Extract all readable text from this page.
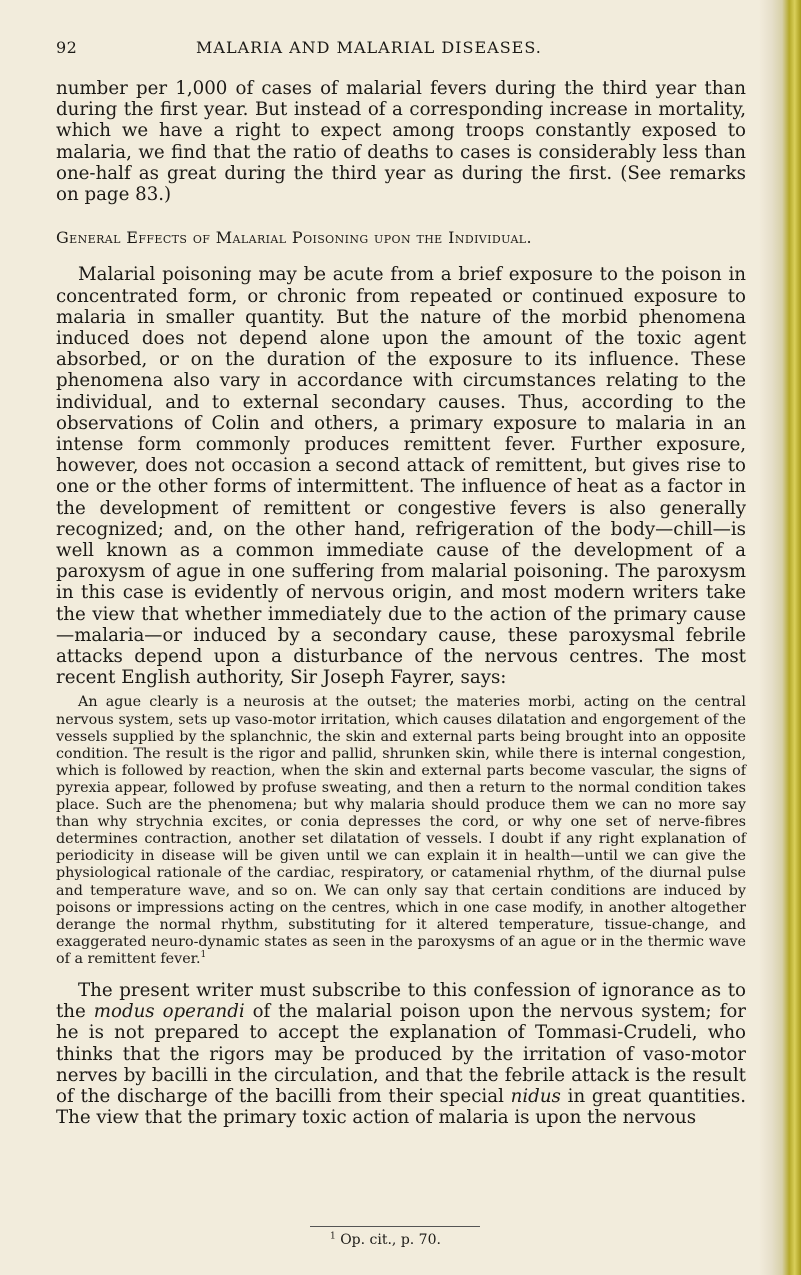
92	MALARIA AND MALARIAL DISEASES.

number per 1,000 of cases of malarial fevers during the third year than during the first year. But instead of a corresponding increase in mortality, which we have a right to expect among troops constantly exposed to malaria, we find that the ratio of deaths to cases is considerably less than one-half as great during the third year as during the first. (See remarks on page 83.)

General Effects of Malarial Poisoning upon the Individual.

Malarial poisoning may be acute from a brief exposure to the poison in concentrated form, or chronic from repeated or continued exposure to malaria in smaller quantity. But the nature of the morbid phenomena induced does not depend alone upon the amount of the toxic agent absorbed, or on the duration of the exposure to its influence. These phenomena also vary in accordance with circumstances relating to the individual, and to external secondary causes. Thus, according to the observations of Colin and others, a primary exposure to malaria in an intense form commonly produces remittent fever. Further exposure, however, does not occasion a second attack of remittent, but gives rise to one or the other forms of intermittent. The influence of heat as a factor in the development of remittent or congestive fevers is also generally recognized; and, on the other hand, refrigeration of the body—chill—is well known as a common immediate cause of the development of a paroxysm of ague in one suffering from malarial poisoning. The paroxysm in this case is evidently of nervous origin, and most modern writers take the view that whether immediately due to the action of the primary cause—malaria—or induced by a secondary cause, these paroxysmal febrile attacks depend upon a disturbance of the nervous centres. The most recent English authority, Sir Joseph Fayrer, says:

An ague clearly is a neurosis at the outset; the materies morbi, acting on the central nervous system, sets up vaso-motor irritation, which causes dilatation and engorgement of the vessels supplied by the splanchnic, the skin and external parts being brought into an opposite condition. The result is the rigor and pallid, shrunken skin, while there is internal congestion, which is followed by reaction, when the skin and external parts become vascular, the signs of pyrexia appear, followed by profuse sweating, and then a return to the normal condition takes place. Such are the phenomena; but why malaria should produce them we can no more say than why strychnia excites, or conia depresses the cord, or why one set of nerve-fibres determines contraction, another set dilatation of vessels. I doubt if any right explanation of periodicity in disease will be given until we can explain it in health—until we can give the physiological rationale of the cardiac, respiratory, or catamenial rhythm, of the diurnal pulse and temperature wave, and so on. We can only say that certain conditions are induced by poisons or impressions acting on the centres, which in one case modify, in another altogether derange the normal rhythm, substituting for it altered temperature, tissue-change, and exaggerated neuro-dynamic states as seen in the paroxysms of an ague or in the thermic wave of a remittent fever.$^1$

The present writer must subscribe to this confession of ignorance as to the modus operandi of the malarial poison upon the nervous system; for he is not prepared to accept the explanation of Tommasi-Crudeli, who thinks that the rigors may be produced by the irritation of vaso-motor nerves by bacilli in the circulation, and that the febrile attack is the result of the discharge of the bacilli from their special nidus in great quantities. The view that the primary toxic action of malaria is upon the nervous

$^1$ Op. cit., p. 70.
